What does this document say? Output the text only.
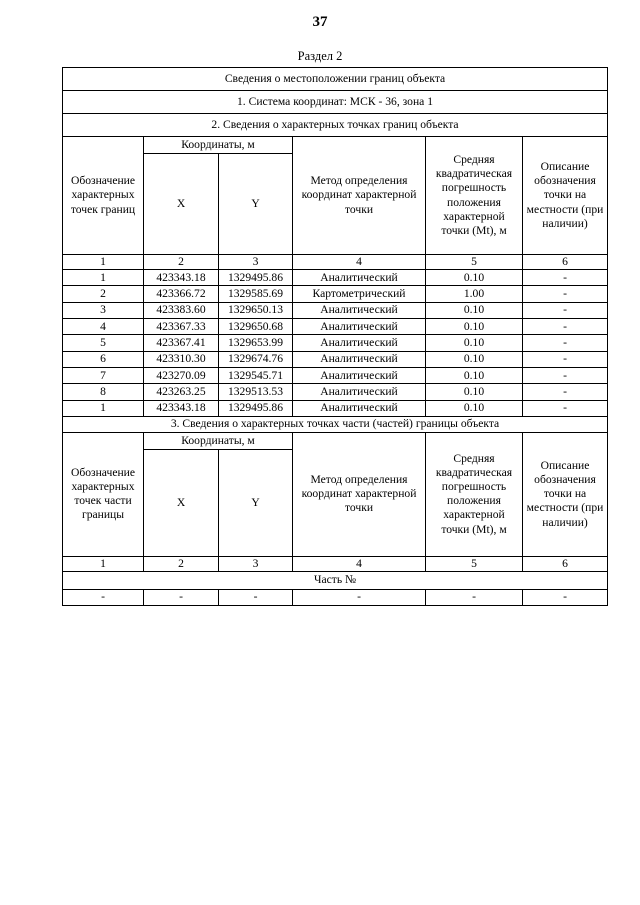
37
Раздел 2
Сведения о местоположении границ объекта					
1. Система координат: МСК - 36, зона 1					
2. Сведения о характерных точках границ объекта					
Обозначение характерных точек границ	Координаты, м		Метод определения координат характерной точки	Средняя квадратическая погрешность положения характерной точки (Mt), м	Описание обозначения точки на местности (при наличии)
	X	Y			
1	2	3	4	5	6
1	423343.18	1329495.86	Аналитический	0.10	-
2	423366.72	1329585.69	Картометрический	1.00	-
3	423383.60	1329650.13	Аналитический	0.10	-
4	423367.33	1329650.68	Аналитический	0.10	-
5	423367.41	1329653.99	Аналитический	0.10	-
6	423310.30	1329674.76	Аналитический	0.10	-
7	423270.09	1329545.71	Аналитический	0.10	-
8	423263.25	1329513.53	Аналитический	0.10	-
1	423343.18	1329495.86	Аналитический	0.10	-
3. Сведения о характерных точках части (частей) границы объекта					
Обозначение характерных точек части границы	Координаты, м		Метод определения координат характерной точки	Средняя квадратическая погрешность положения характерной точки (Mt), м	Описание обозначения точки на местности (при наличии)
	X	Y			
1	2	3	4	5	6
Часть №					
-	-	-	-	-	-
